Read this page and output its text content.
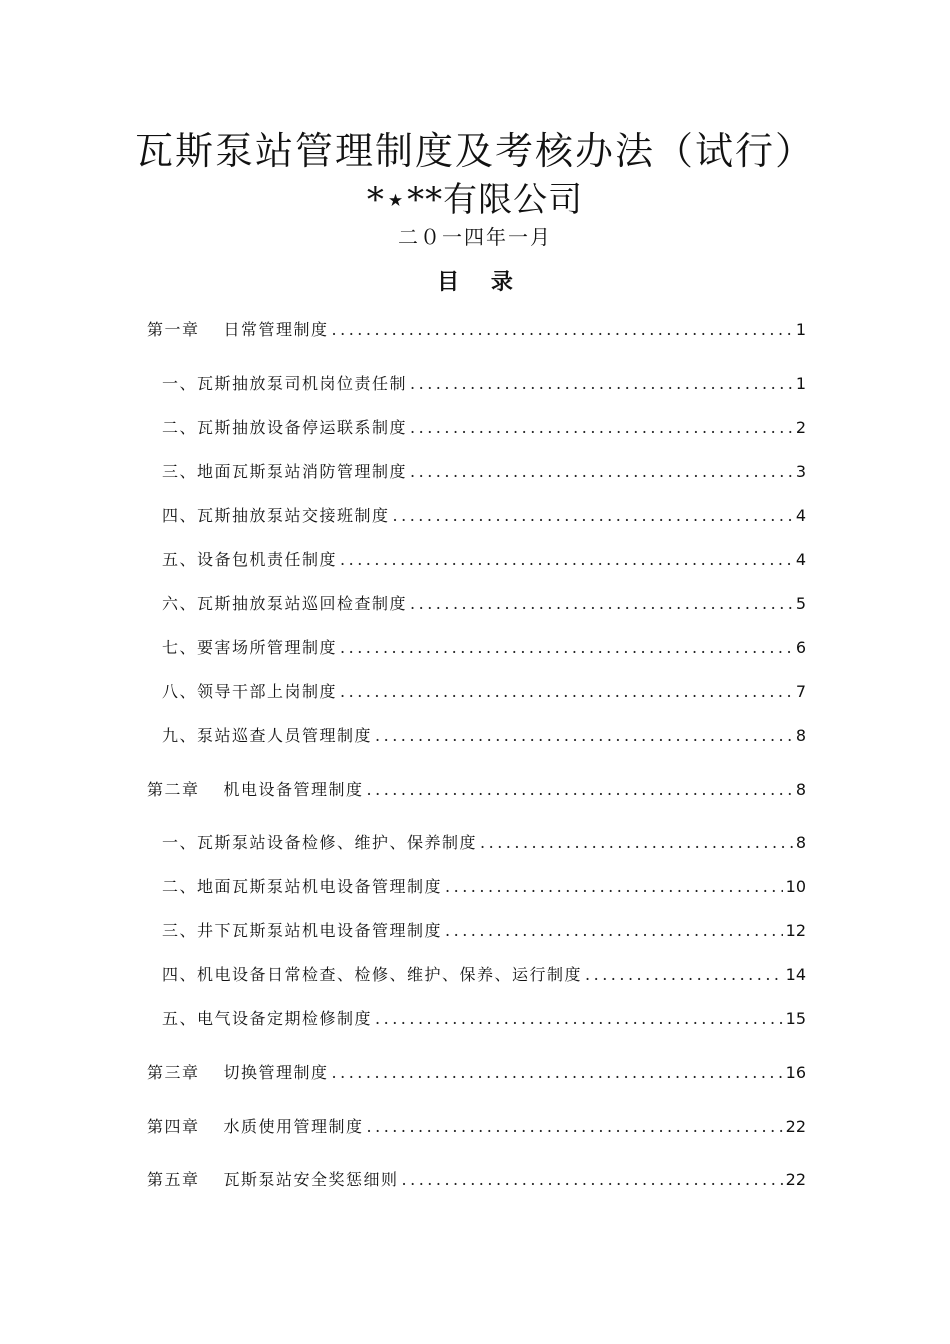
瓦斯泵站管理制度及考核办法（试行）
*⋆**有限公司
二０一四年一月
目 录
第一章 日常管理制度 .....	1
一、瓦斯抽放泵司机岗位责任制 .....	1
二、瓦斯抽放设备停运联系制度 .....	2
三、地面瓦斯泵站消防管理制度 .....	3
四、瓦斯抽放泵站交接班制度 .....	4
五、设备包机责任制度 .....	4
六、瓦斯抽放泵站巡回检查制度 .....	5
七、要害场所管理制度 .....	6
八、领导干部上岗制度 .....	7
九、泵站巡查人员管理制度 .....	8
第二章 机电设备管理制度 .....	8
一、瓦斯泵站设备检修、维护、保养制度 .....	8
二、地面瓦斯泵站机电设备管理制度 .....	10
三、井下瓦斯泵站机电设备管理制度 .....	12
四、机电设备日常检查、检修、维护、保养、运行制度 .....	14
五、电气设备定期检修制度 .....	15
第三章 切换管理制度 .....	16
第四章 水质使用管理制度 .....	22
第五章 瓦斯泵站安全奖惩细则 .....	22
